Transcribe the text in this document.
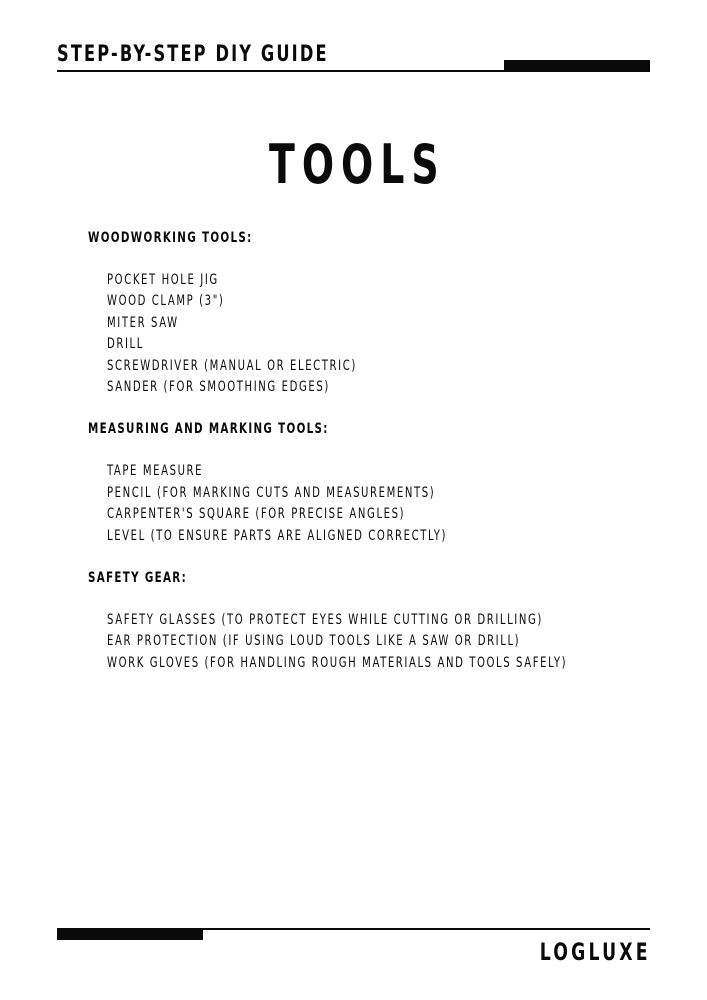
STEP-BY-STEP DIY GUIDE
TOOLS
WOODWORKING TOOLS:
POCKET HOLE JIG
WOOD CLAMP (3")
MITER SAW
DRILL
SCREWDRIVER (MANUAL OR ELECTRIC)
SANDER (FOR SMOOTHING EDGES)
MEASURING AND MARKING TOOLS:
TAPE MEASURE
PENCIL (FOR MARKING CUTS AND MEASUREMENTS)
CARPENTER'S SQUARE (FOR PRECISE ANGLES)
LEVEL (TO ENSURE PARTS ARE ALIGNED CORRECTLY)
SAFETY GEAR:
SAFETY GLASSES (TO PROTECT EYES WHILE CUTTING OR DRILLING)
EAR PROTECTION (IF USING LOUD TOOLS LIKE A SAW OR DRILL)
WORK GLOVES (FOR HANDLING ROUGH MATERIALS AND TOOLS SAFELY)
LOGLUXE
